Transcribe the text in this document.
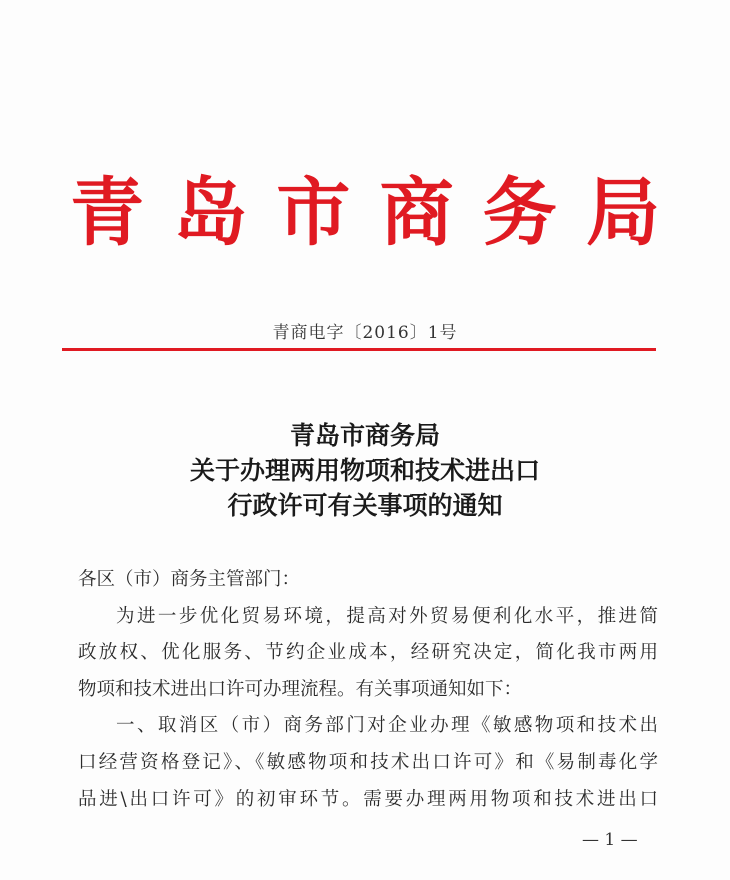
青 岛 市 商 务 局
青商电字〔2016〕1号
青岛市商务局
关于办理两用物项和技术进出口
行政许可有关事项的通知
各区（市）商务主管部门：
为进一步优化贸易环境，提高对外贸易便利化水平，推进简
政放权、优化服务、节约企业成本，经研究决定，简化我市两用
物项和技术进出口许可办理流程。有关事项通知如下：
一、取消区（市）商务部门对企业办理《敏感物项和技术出
口经营资格登记》、《敏感物项和技术出口许可》和《易制毒化学
品进\出口许可》的初审环节。需要办理两用物项和技术进出口
— 1 —
